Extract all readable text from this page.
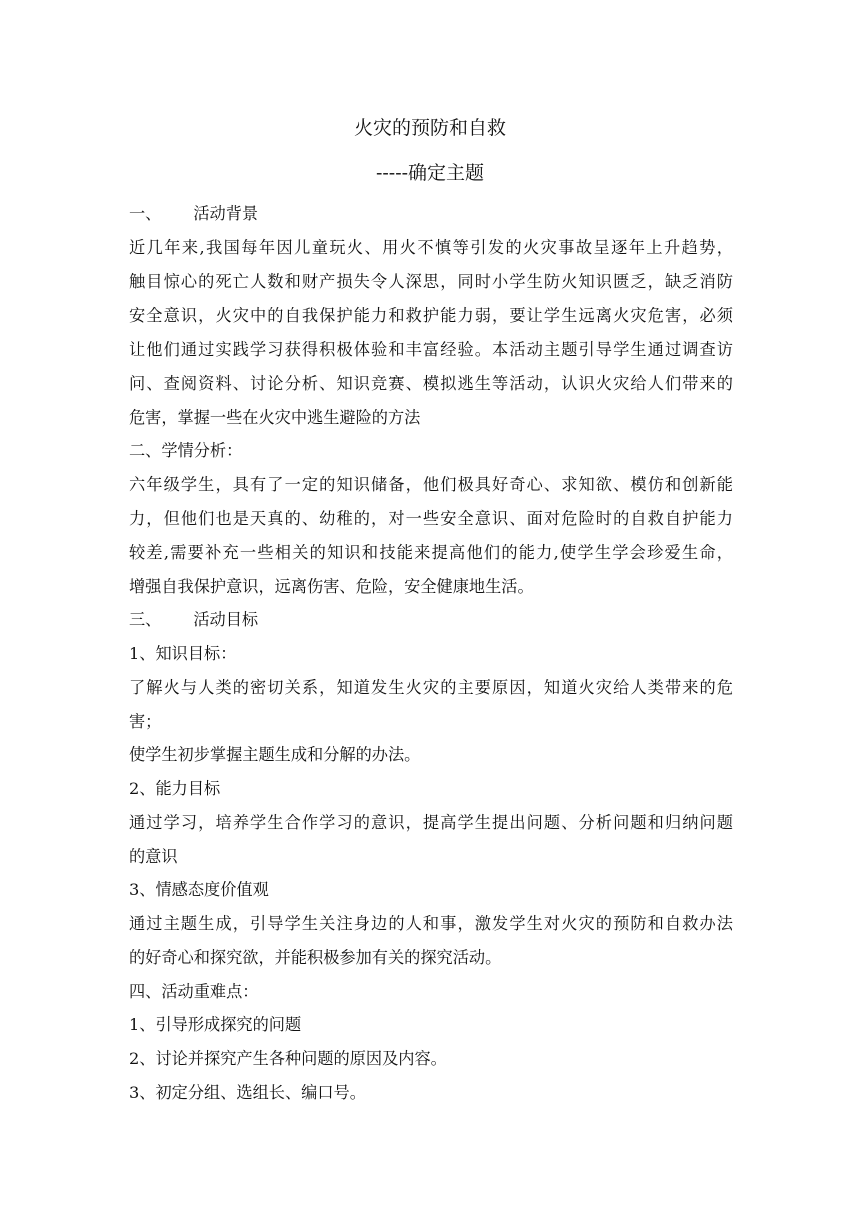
火灾的预防和自救
-----确定主题
一、 活动背景
近几年来,我国每年因儿童玩火、用火不慎等引发的火灾事故呈逐年上升趋势，
触目惊心的死亡人数和财产损失令人深思，同时小学生防火知识匮乏，缺乏消防
安全意识，火灾中的自我保护能力和救护能力弱，要让学生远离火灾危害，必须
让他们通过实践学习获得积极体验和丰富经验。本活动主题引导学生通过调查访
问、查阅资料、讨论分析、知识竞赛、模拟逃生等活动，认识火灾给人们带来的
危害，掌握一些在火灾中逃生避险的方法
二、学情分析：
六年级学生，具有了一定的知识储备，他们极具好奇心、求知欲、模仿和创新能
力，但他们也是天真的、幼稚的，对一些安全意识、面对危险时的自救自护能力
较差,需要补充一些相关的知识和技能来提高他们的能力,使学生学会珍爱生命，
增强自我保护意识，远离伤害、危险，安全健康地生活。
三、 活动目标
1、知识目标：
了解火与人类的密切关系，知道发生火灾的主要原因，知道火灾给人类带来的危
害；
使学生初步掌握主题生成和分解的办法。
2、能力目标
通过学习，培养学生合作学习的意识，提高学生提出问题、分析问题和归纳问题
的意识
3、情感态度价值观
通过主题生成，引导学生关注身边的人和事，激发学生对火灾的预防和自救办法
的好奇心和探究欲，并能积极参加有关的探究活动。
四、活动重难点：
1、引导形成探究的问题
2、讨论并探究产生各种问题的原因及内容。
3、初定分组、选组长、编口号。
